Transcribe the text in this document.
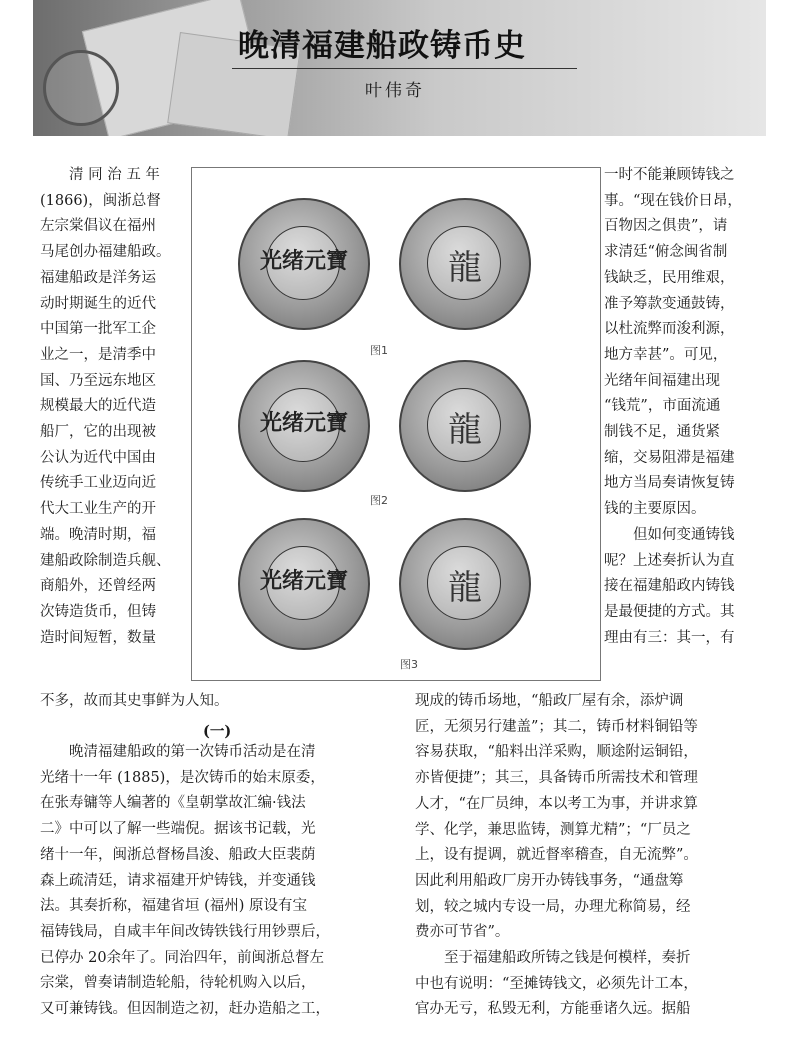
晚清福建船政铸币史
叶伟奇

清 同 治 五 年

(1866)，闽浙总督

左宗棠倡议在福州

马尾创办福建船政。

福建船政是洋务运

动时期诞生的近代

中国第一批军工企

业之一，是清季中

国、乃至远东地区

规模最大的近代造

船厂，它的出现被

公认为近代中国由

传统手工业迈向近

代大工业生产的开

端。晚清时期，福

建船政除制造兵舰、

商船外，还曾经两

次铸造货币，但铸

造时间短暂，数量

光绪元寶	龍
图1
光绪元寶	龍
图2
光绪元寶	龍
图3

一时不能兼顾铸钱之

事。“现在钱价日昂，

百物因之俱贵”，请

求清廷“俯念闽省制

钱缺乏，民用维艰，

准予筹款变通鼓铸，

以杜流弊而浚利源，

地方幸甚”。可见，

光绪年间福建出现

“钱荒”，市面流通

制钱不足，通货紧

缩，交易阻滞是福建

地方当局奏请恢复铸

钱的主要原因。

但如何变通铸钱

呢？上述奏折认为直

接在福建船政内铸钱

是最便捷的方式。其

理由有三：其一，有

不多，故而其史事鲜为人知。
(一)

晚清福建船政的第一次铸币活动是在清

光绪十一年 (1885)，是次铸币的始末原委，

在张寿镛等人编著的《皇朝掌故汇编·钱法

二》中可以了解一些端倪。据该书记载，光

绪十一年，闽浙总督杨昌浚、船政大臣裴荫

森上疏清廷，请求福建开炉铸钱，并变通钱

法。其奏折称，福建省垣 (福州) 原设有宝

福铸钱局，自咸丰年间改铸铁钱行用钞票后，

已停办 20余年了。同治四年，前闽浙总督左

宗棠，曾奏请制造轮船，待轮机购入以后，

又可兼铸钱。但因制造之初，赶办造船之工，

现成的铸币场地，“船政厂屋有余，添炉调

匠，无须另行建盖”；其二，铸币材料铜铅等

容易获取，“船料出洋采购，顺途附运铜铅，

亦皆便捷”；其三，具备铸币所需技术和管理

人才，“在厂员绅，本以考工为事，并讲求算

学、化学，兼思监铸，测算尤精”；“厂员之

上，设有提调，就近督率稽查，自无流弊”。

因此利用船政厂房开办铸钱事务，“通盘筹

划，较之城内专设一局，办理尤称简易，经

费亦可节省”。

至于福建船政所铸之钱是何模样，奏折

中也有说明：“至摊铸钱文，必须先计工本，

官办无亏，私毁无利，方能垂诸久远。据船
